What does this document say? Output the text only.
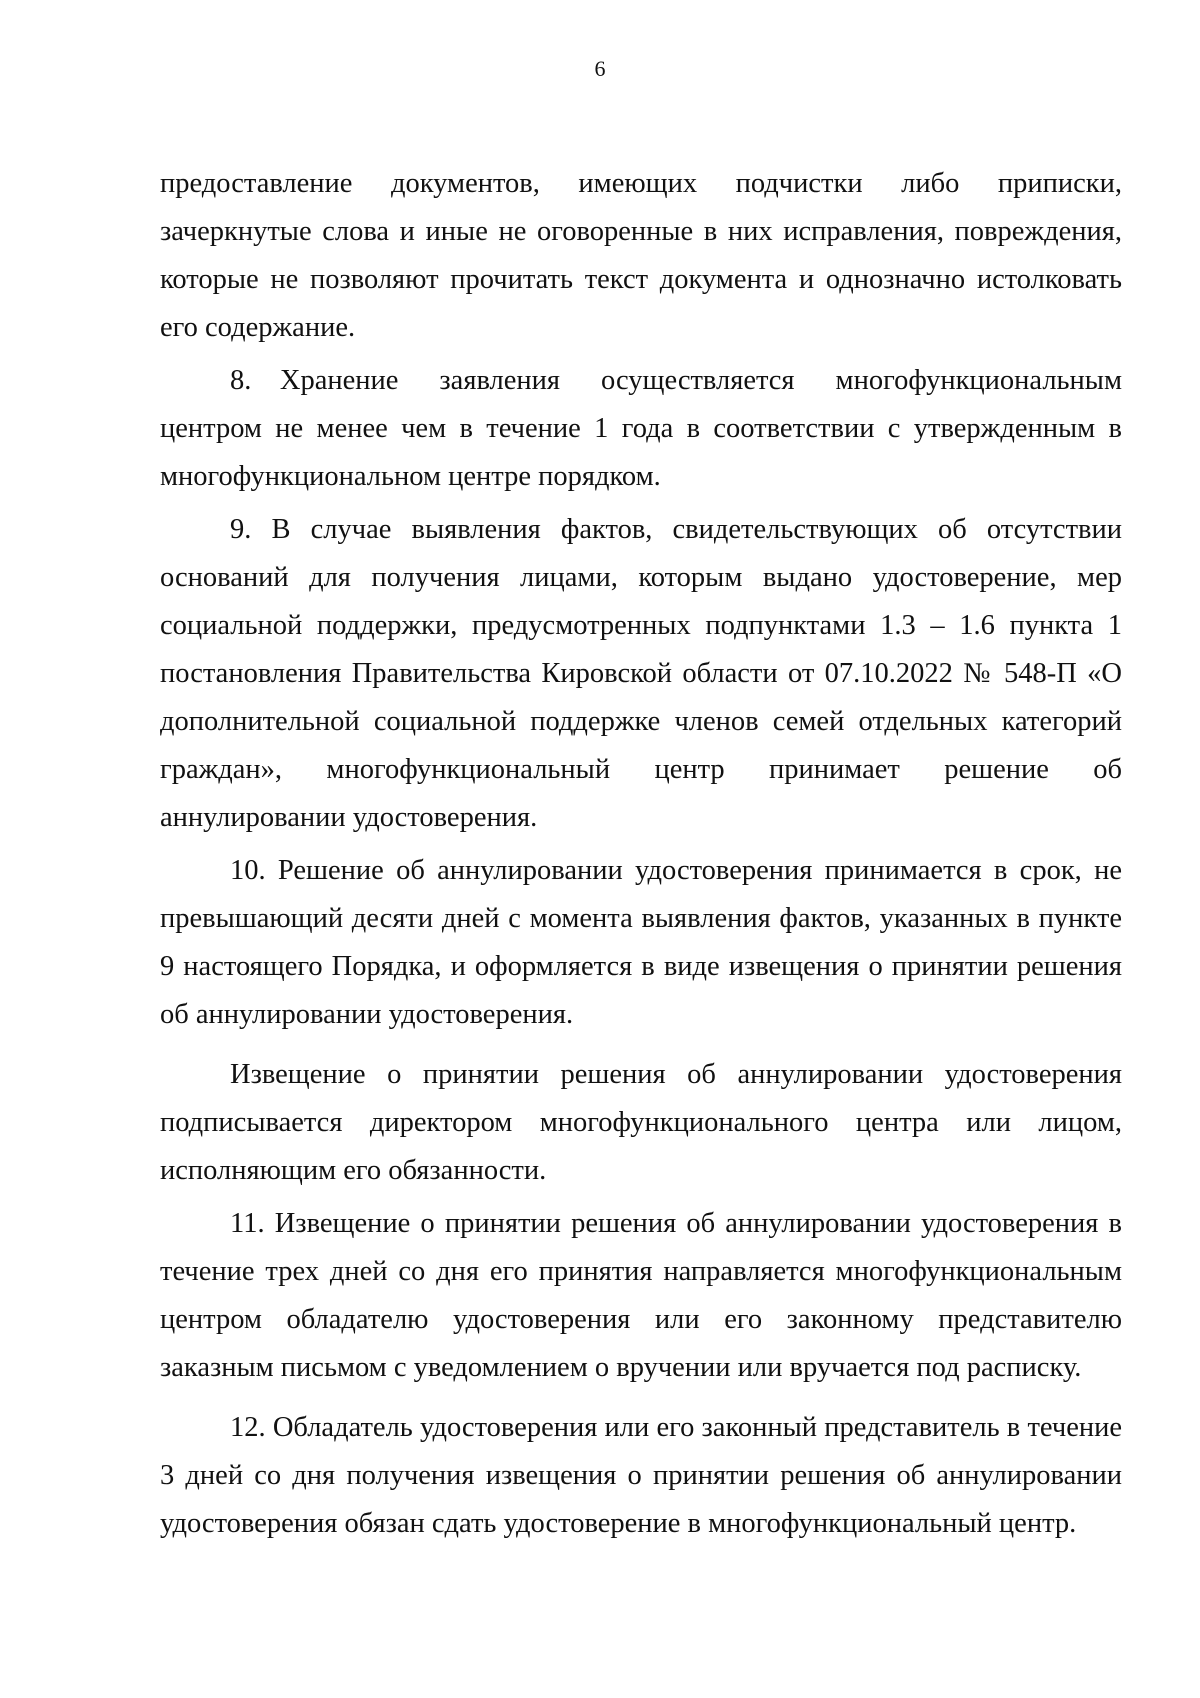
6

предоставление документов, имеющих подчистки либо приписки, зачеркнутые слова и иные не оговоренные в них исправления, повреждения, которые не позволяют прочитать текст документа и однозначно истолковать его содержание.

8. Хранение заявления осуществляется многофункциональным центром не менее чем в течение 1 года в соответствии с утвержденным в многофункциональном центре порядком.

9. В случае выявления фактов, свидетельствующих об отсутствии оснований для получения лицами, которым выдано удостоверение, мер социальной поддержки, предусмотренных подпунктами 1.3 – 1.6 пункта 1 постановления Правительства Кировской области от 07.10.2022 № 548-П «О дополнительной социальной поддержке членов семей отдельных категорий граждан», многофункциональный центр принимает решение об аннулировании удостоверения.

10. Решение об аннулировании удостоверения принимается в срок, не превышающий десяти дней с момента выявления фактов, указанных в пункте 9 настоящего Порядка, и оформляется в виде извещения о принятии решения об аннулировании удостоверения.

Извещение о принятии решения об аннулировании удостоверения подписывается директором многофункционального центра или лицом, исполняющим его обязанности.

11. Извещение о принятии решения об аннулировании удостоверения в течение трех дней со дня его принятия направляется многофункциональным центром обладателю удостоверения или его законному представителю заказным письмом с уведомлением о вручении или вручается под расписку.

12. Обладатель удостоверения или его законный представитель в течение 3 дней со дня получения извещения о принятии решения об аннулировании удостоверения обязан сдать удостоверение в многофункциональный центр.
